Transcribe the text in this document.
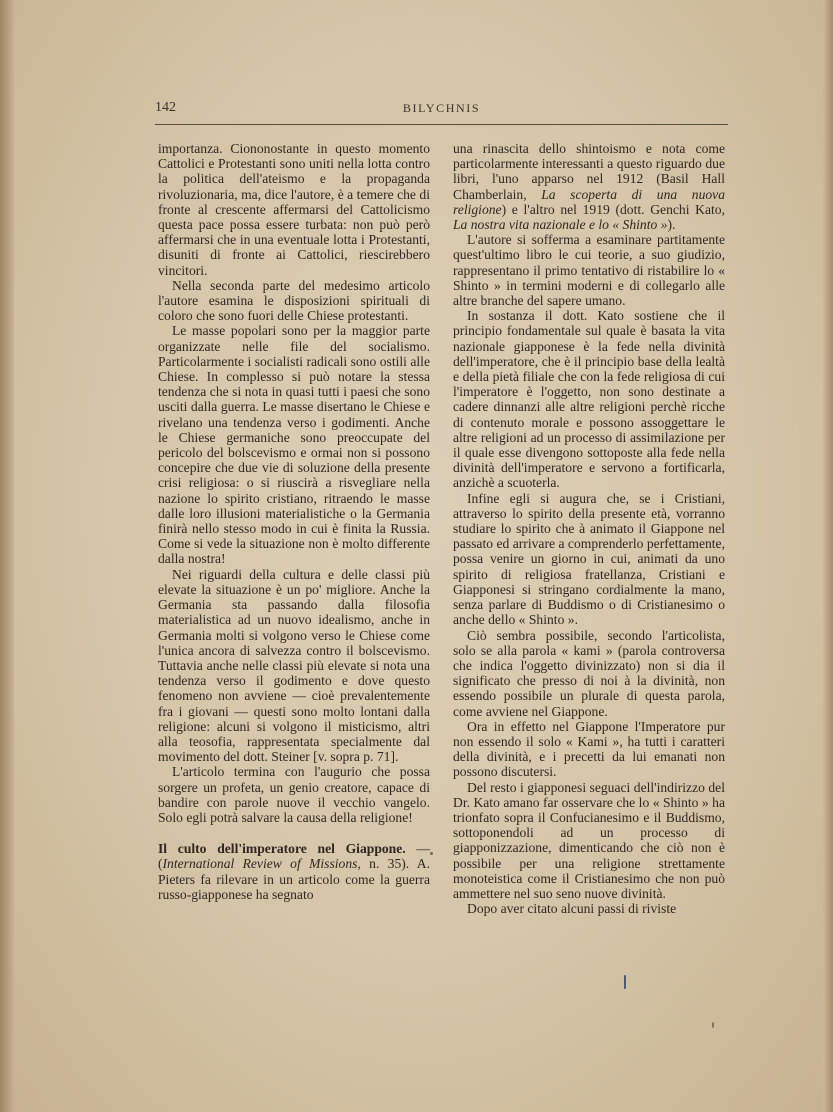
142	BILYCHNIS

importanza. Ciononostante in questo momento Cattolici e Protestanti sono uniti nella lotta contro la politica dell'ateismo e la propaganda rivoluzionaria, ma, dice l'autore, è a temere che di fronte al crescente affermarsi del Cattolicismo questa pace possa essere turbata: non può però affermarsi che in una eventuale lotta i Protestanti, disuniti di fronte ai Cattolici, riescirebbero vincitori.

Nella seconda parte del medesimo articolo l'autore esamina le disposizioni spirituali di coloro che sono fuori delle Chiese protestanti.

Le masse popolari sono per la maggior parte organizzate nelle file del socialismo. Particolarmente i socialisti radicali sono ostili alle Chiese. In complesso si può notare la stessa tendenza che si nota in quasi tutti i paesi che sono usciti dalla guerra. Le masse disertano le Chiese e rivelano una tendenza verso i godimenti. Anche le Chiese germaniche sono preoccupate del pericolo del bolscevismo e ormai non si possono concepire che due vie di soluzione della presente crisi religiosa: o si riuscirà a risvegliare nella nazione lo spirito cristiano, ritraendo le masse dalle loro illusioni materialistiche o la Germania finirà nello stesso modo in cui è finita la Russia. Come si vede la situazione non è molto differente dalla nostra!

Nei riguardi della cultura e delle classi più elevate la situazione è un po' migliore. Anche la Germania sta passando dalla filosofia materialistica ad un nuovo idealismo, anche in Germania molti si volgono verso le Chiese come l'unica ancora di salvezza contro il bolscevismo. Tuttavia anche nelle classi più elevate si nota una tendenza verso il godimento e dove questo fenomeno non avviene — cioè prevalentemente fra i giovani — questi sono molto lontani dalla religione: alcuni si volgono il misticismo, altri alla teosofia, rappresentata specialmente dal movimento del dott. Steiner [v. sopra p. 71].

L'articolo termina con l'augurio che possa sorgere un profeta, un genio creatore, capace di bandire con parole nuove il vecchio vangelo. Solo egli potrà salvare la causa della religione!

Il culto dell'imperatore nel Giappone. — (International Review of Missions, n. 35). A. Pieters fa rilevare in un articolo come la guerra russo-giapponese ha segnato

una rinascita dello shintoismo e nota come particolarmente interessanti a questo riguardo due libri, l'uno apparso nel 1912 (Basil Hall Chamberlain, La scoperta di una nuova religione) e l'altro nel 1919 (dott. Genchi Kato, La nostra vita nazionale e lo « Shinto »).

L'autore si sofferma a esaminare partitamente quest'ultimo libro le cui teorie, a suo giudizio, rappresentano il primo tentativo di ristabilire lo « Shinto » in termini moderni e di collegarlo alle altre branche del sapere umano.

In sostanza il dott. Kato sostiene che il principio fondamentale sul quale è basata la vita nazionale giapponese è la fede nella divinità dell'imperatore, che è il principio base della lealtà e della pietà filiale che con la fede religiosa di cui l'imperatore è l'oggetto, non sono destinate a cadere dinnanzi alle altre religioni perchè ricche di contenuto morale e possono assoggettare le altre religioni ad un processo di assimilazione per il quale esse divengono sottoposte alla fede nella divinità dell'imperatore e servono a fortificarla, anzichè a scuoterla.

Infine egli si augura che, se i Cristiani, attraverso lo spirito della presente età, vorranno studiare lo spirito che à animato il Giappone nel passato ed arrivare a comprenderlo perfettamente, possa venire un giorno in cui, animati da uno spirito di religiosa fratellanza, Cristiani e Giapponesi si stringano cordialmente la mano, senza parlare di Buddismo o di Cristianesimo o anche dello « Shinto ».

Ciò sembra possibile, secondo l'articolista, solo se alla parola « kami » (parola controversa che indica l'oggetto divinizzato) non si dia il significato che presso di noi à la divinità, non essendo possibile un plurale di questa parola, come avviene nel Giappone.

Ora in effetto nel Giappone l'Imperatore pur non essendo il solo « Kami », ha tutti i caratteri della divinità, e i precetti da lui emanati non possono discutersi.

Del resto i giapponesi seguaci dell'indirizzo del Dr. Kato amano far osservare che lo « Shinto » ha trionfato sopra il Confucianesimo e il Buddismo, sottoponendoli ad un processo di giapponizzazione, dimenticando che ciò non è possibile per una religione strettamente monoteistica come il Cristianesimo che non può ammettere nel suo seno nuove divinità.

Dopo aver citato alcuni passi di riviste
